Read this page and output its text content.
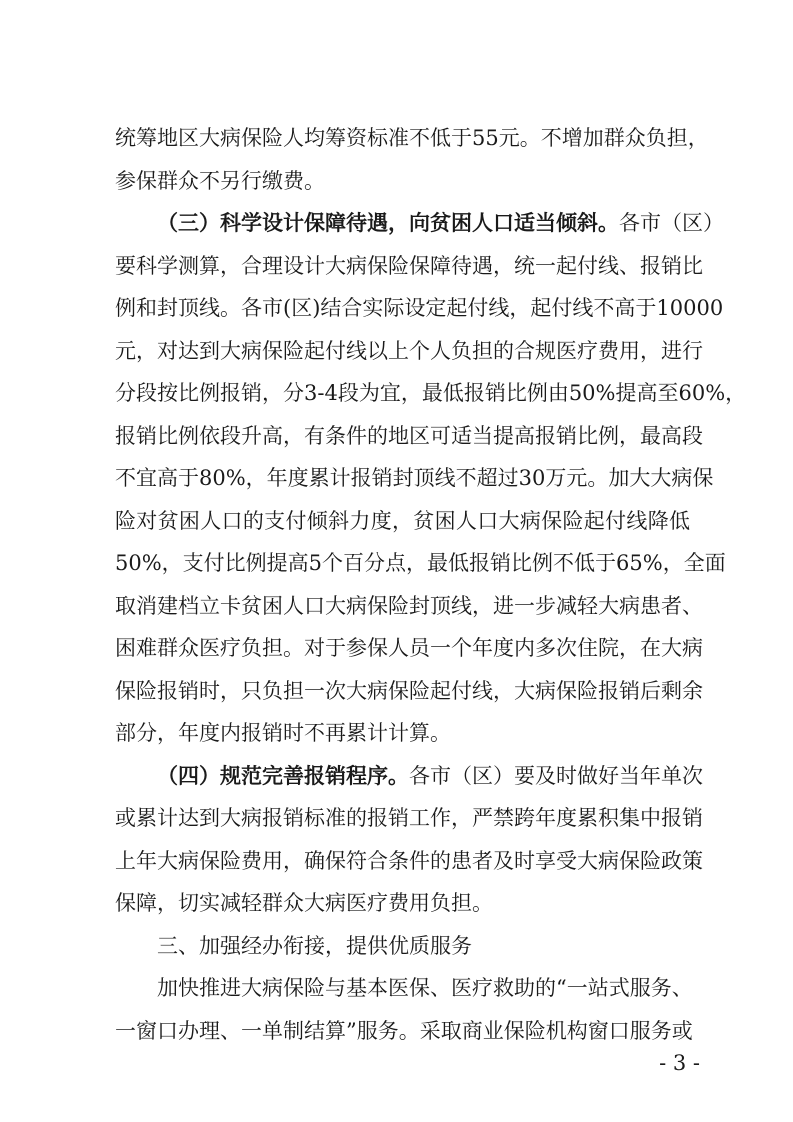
统筹地区大病保险人均筹资标准不低于55元。不增加群众负担，
参保群众不另行缴费。
（三）科学设计保障待遇，向贫困人口适当倾斜。各市（区）
要科学测算，合理设计大病保险保障待遇，统一起付线、报销比
例和封顶线。各市(区)结合实际设定起付线，起付线不高于10000
元，对达到大病保险起付线以上个人负担的合规医疗费用，进行
分段按比例报销，分3-4段为宜，最低报销比例由50%提高至60%，
报销比例依段升高，有条件的地区可适当提高报销比例，最高段
不宜高于80%，年度累计报销封顶线不超过30万元。加大大病保
险对贫困人口的支付倾斜力度，贫困人口大病保险起付线降低
50%，支付比例提高5个百分点，最低报销比例不低于65%，全面
取消建档立卡贫困人口大病保险封顶线，进一步减轻大病患者、
困难群众医疗负担。对于参保人员一个年度内多次住院，在大病
保险报销时，只负担一次大病保险起付线，大病保险报销后剩余
部分，年度内报销时不再累计计算。
（四）规范完善报销程序。各市（区）要及时做好当年单次
或累计达到大病报销标准的报销工作，严禁跨年度累积集中报销
上年大病保险费用，确保符合条件的患者及时享受大病保险政策
保障，切实减轻群众大病医疗费用负担。
三、加强经办衔接，提供优质服务
加快推进大病保险与基本医保、医疗救助的“一站式服务、
一窗口办理、一单制结算”服务。采取商业保险机构窗口服务或
- 3 -
